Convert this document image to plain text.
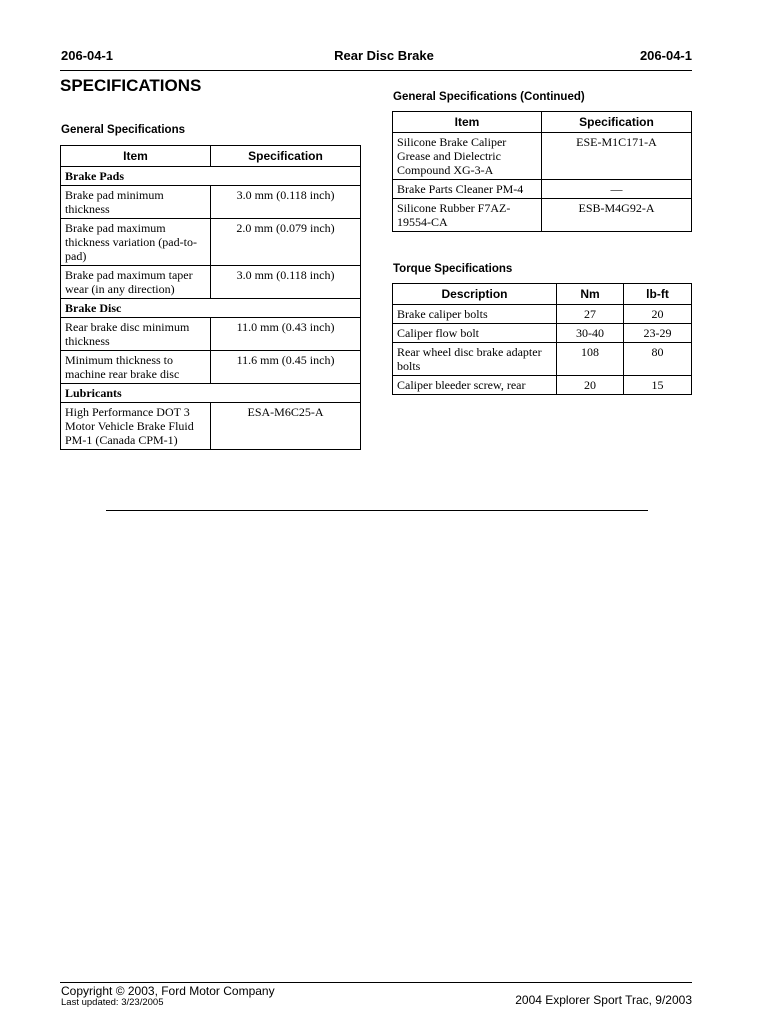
206-04-1	Rear Disc Brake	206-04-1
SPECIFICATIONS
General Specifications
Item	Specification
Brake Pads	
Brake pad minimum thickness	3.0 mm (0.118 inch)
Brake pad maximum thickness variation (pad-to-pad)	2.0 mm (0.079 inch)
Brake pad maximum taper wear (in any direction)	3.0 mm (0.118 inch)
Brake Disc	
Rear brake disc minimum thickness	11.0 mm (0.43 inch)
Minimum thickness to machine rear brake disc	11.6 mm (0.45 inch)
Lubricants	
High Performance DOT 3 Motor Vehicle Brake Fluid PM-1 (Canada CPM-1)	ESA-M6C25-A
General Specifications (Continued)
Item	Specification
Silicone Brake Caliper Grease and Dielectric Compound XG-3-A	ESE-M1C171-A
Brake Parts Cleaner PM-4	—
Silicone Rubber F7AZ-19554-CA	ESB-M4G92-A
Torque Specifications
Description	Nm	lb-ft
Brake caliper bolts	27	20
Caliper flow bolt	30-40	23-29
Rear wheel disc brake adapter bolts	108	80
Caliper bleeder screw, rear	20	15
Copyright © 2003, Ford Motor Company
Last updated: 3/23/2005	2004 Explorer Sport Trac, 9/2003
